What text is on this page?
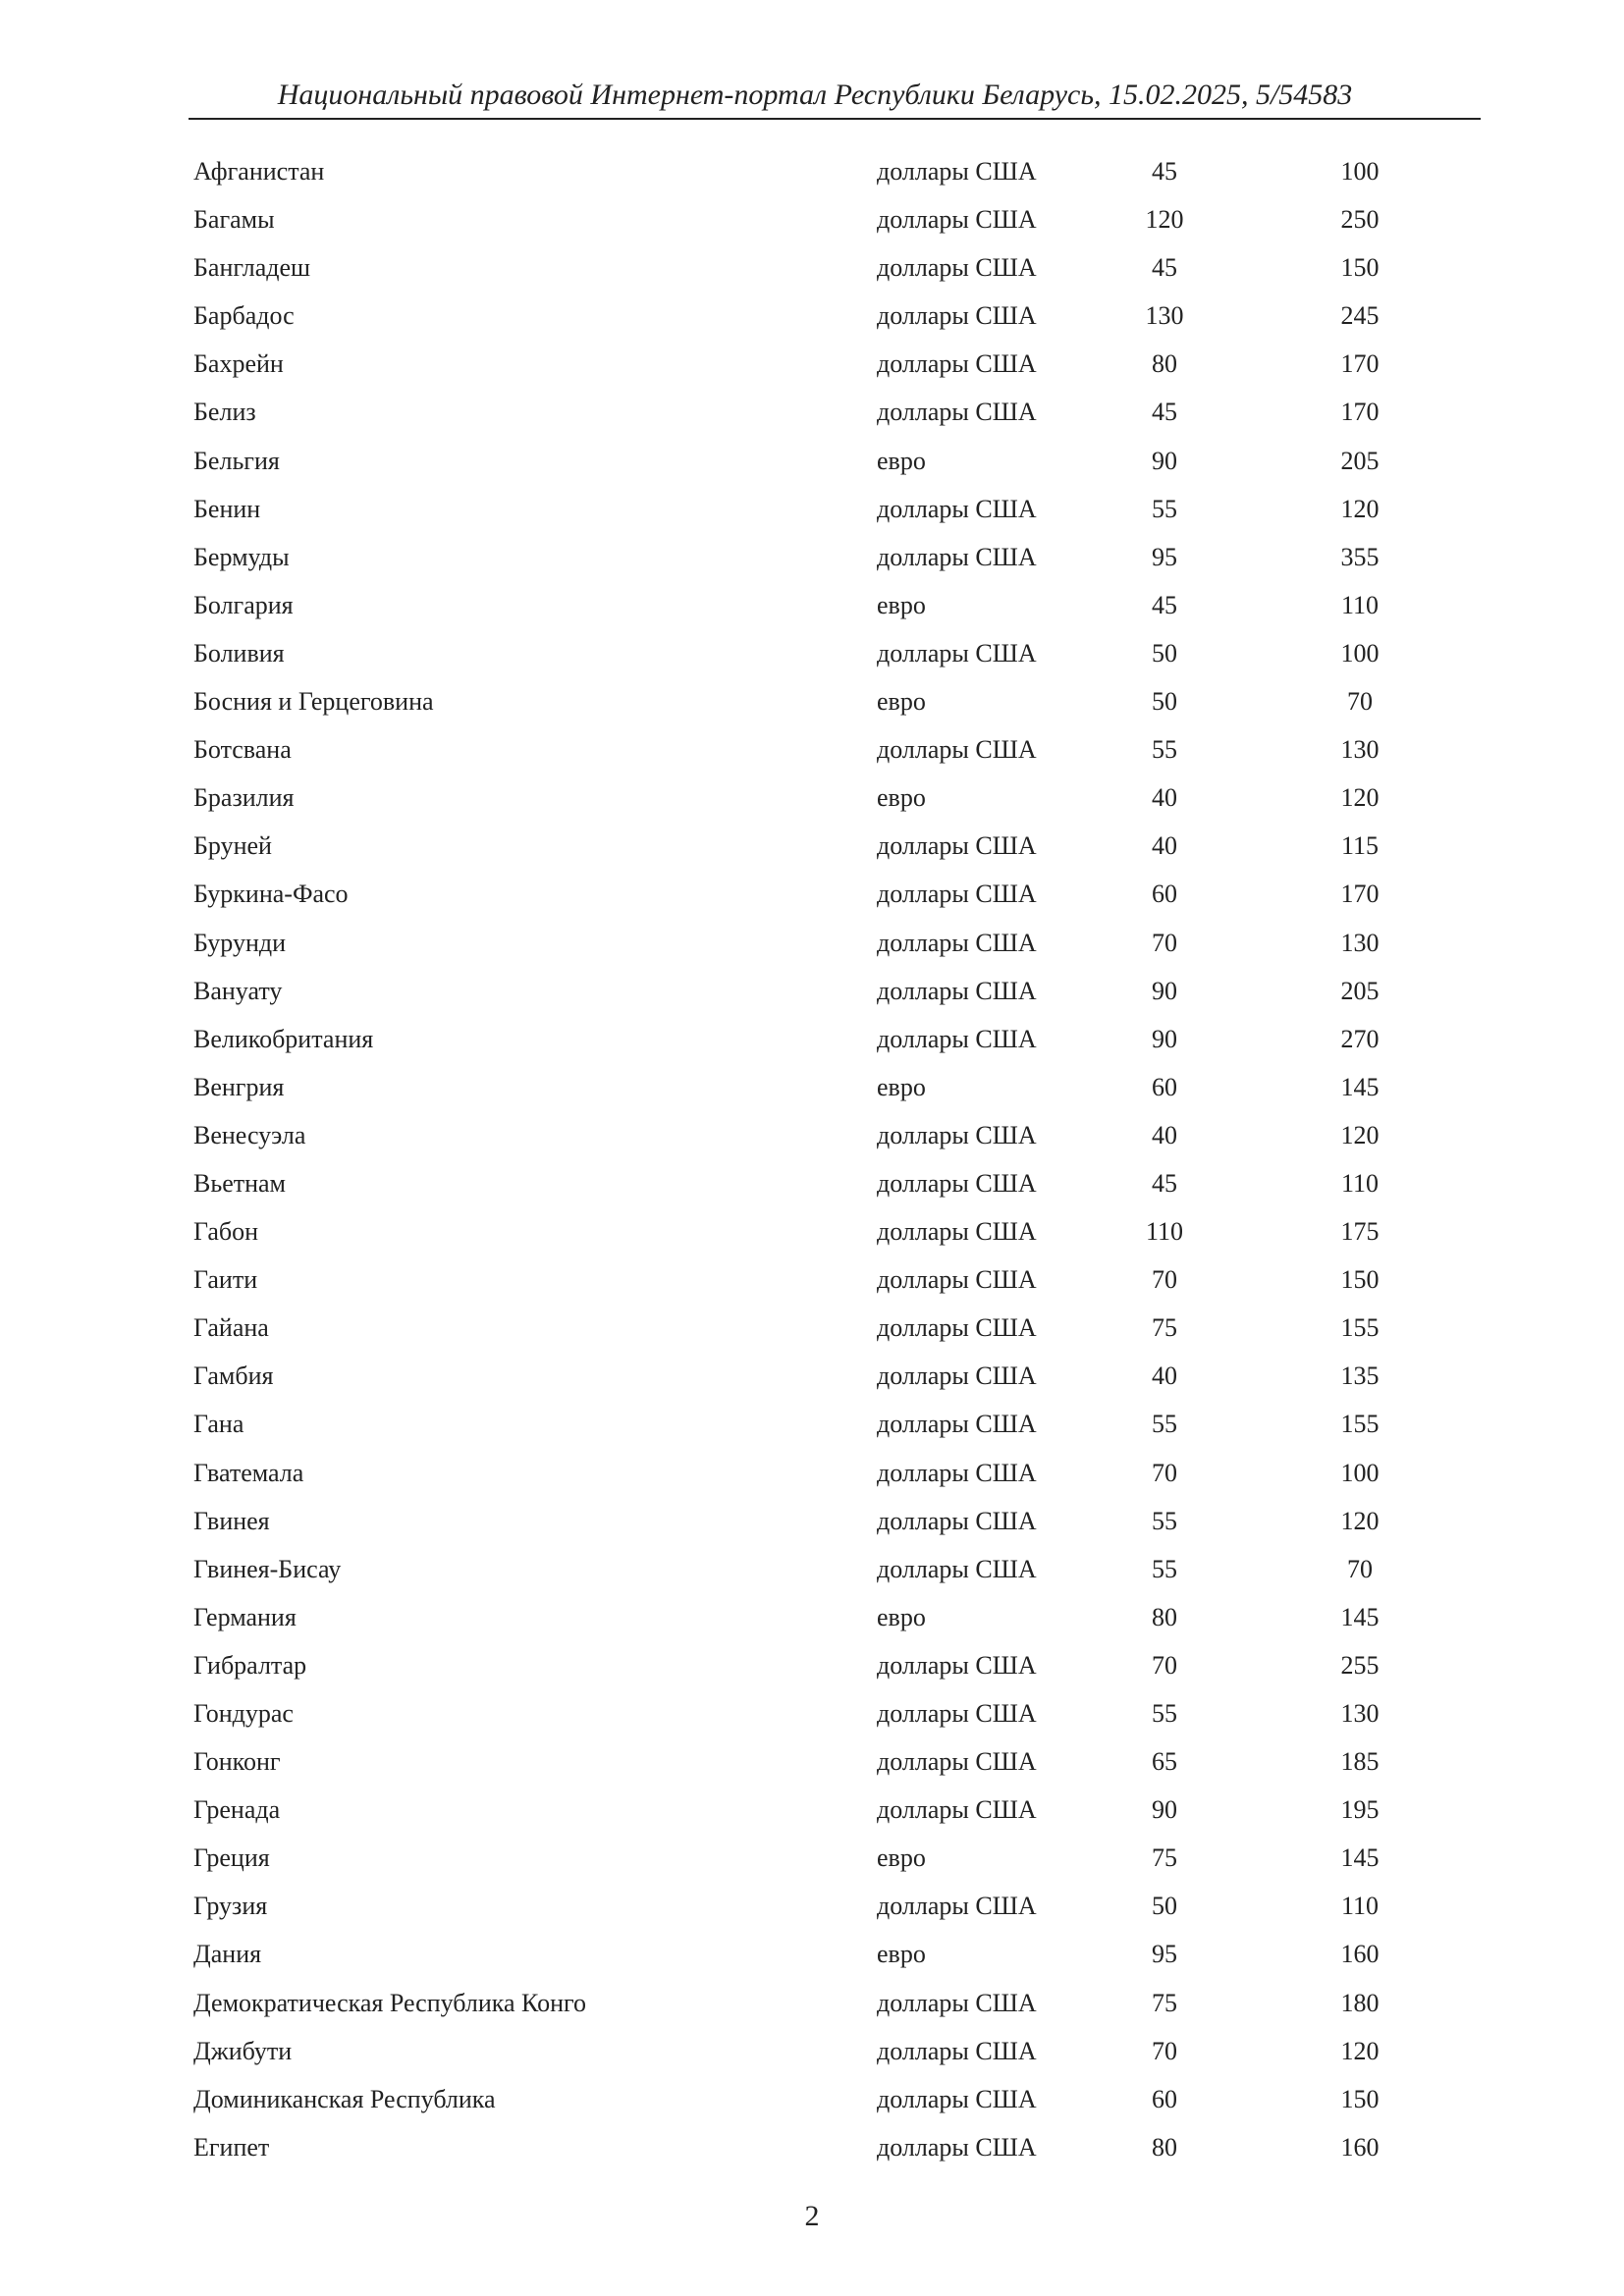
Национальный правовой Интернет-портал Республики Беларусь, 15.02.2025, 5/54583
Афганистан	доллары США	45	100
Багамы	доллары США	120	250
Бангладеш	доллары США	45	150
Барбадос	доллары США	130	245
Бахрейн	доллары США	80	170
Белиз	доллары США	45	170
Бельгия	евро	90	205
Бенин	доллары США	55	120
Бермуды	доллары США	95	355
Болгария	евро	45	110
Боливия	доллары США	50	100
Босния и Герцеговина	евро	50	70
Ботсвана	доллары США	55	130
Бразилия	евро	40	120
Бруней	доллары США	40	115
Буркина-Фасо	доллары США	60	170
Бурунди	доллары США	70	130
Вануату	доллары США	90	205
Великобритания	доллары США	90	270
Венгрия	евро	60	145
Венесуэла	доллары США	40	120
Вьетнам	доллары США	45	110
Габон	доллары США	110	175
Гаити	доллары США	70	150
Гайана	доллары США	75	155
Гамбия	доллары США	40	135
Гана	доллары США	55	155
Гватемала	доллары США	70	100
Гвинея	доллары США	55	120
Гвинея-Бисау	доллары США	55	70
Германия	евро	80	145
Гибралтар	доллары США	70	255
Гондурас	доллары США	55	130
Гонконг	доллары США	65	185
Гренада	доллары США	90	195
Греция	евро	75	145
Грузия	доллары США	50	110
Дания	евро	95	160
Демократическая Республика Конго	доллары США	75	180
Джибути	доллары США	70	120
Доминиканская Республика	доллары США	60	150
Египет	доллары США	80	160
2
